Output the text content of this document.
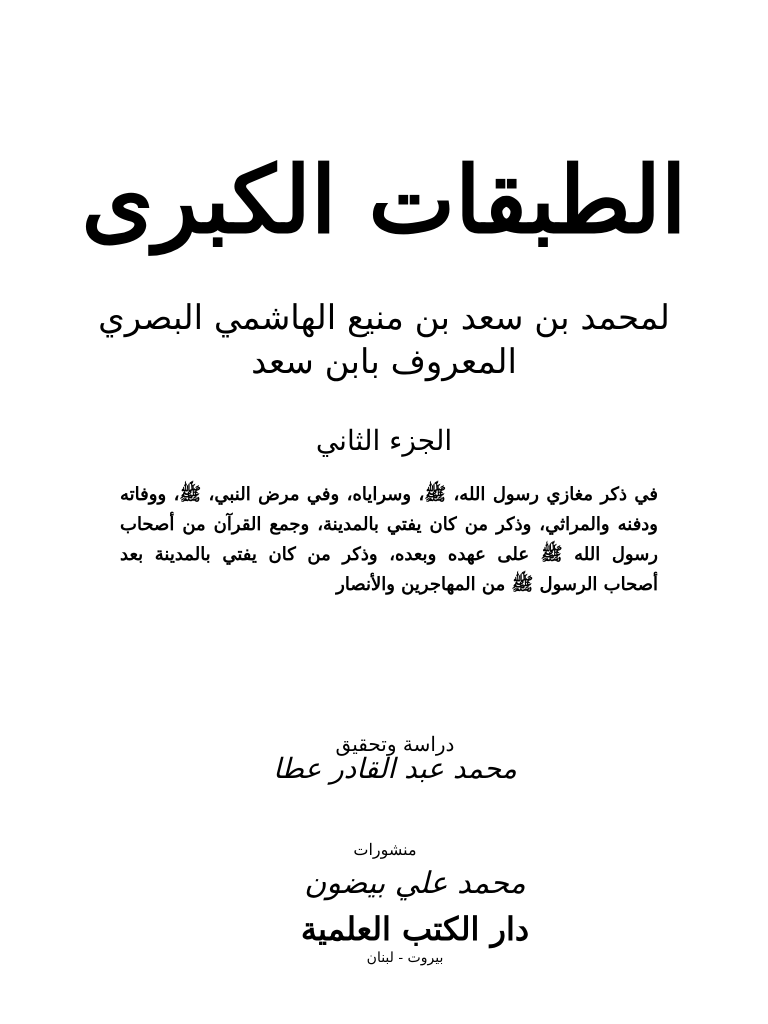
الطبقات الكبرى
لمحمد بن سعد بن منيع الهاشمي البصري
المعروف بابن سعد
الجزء الثاني
في ذكر مغازي رسول الله، ﷺ، وسراياه، وفي مرض النبي، ﷺ، ووفاته ودفنه والمراثي، وذكر من كان يفتي بالمدينة، وجمع القرآن من أصحاب رسول الله ﷺ على عهده وبعده، وذكر من كان يفتي بالمدينة بعد أصحاب الرسول ﷺ من المهاجرين والأنصار
دراسة وتحقيق
محمد عبد القادر عطا
منشورات
محمد علي بيضون
دار الكتب العلمية
بيروت - لبنان
